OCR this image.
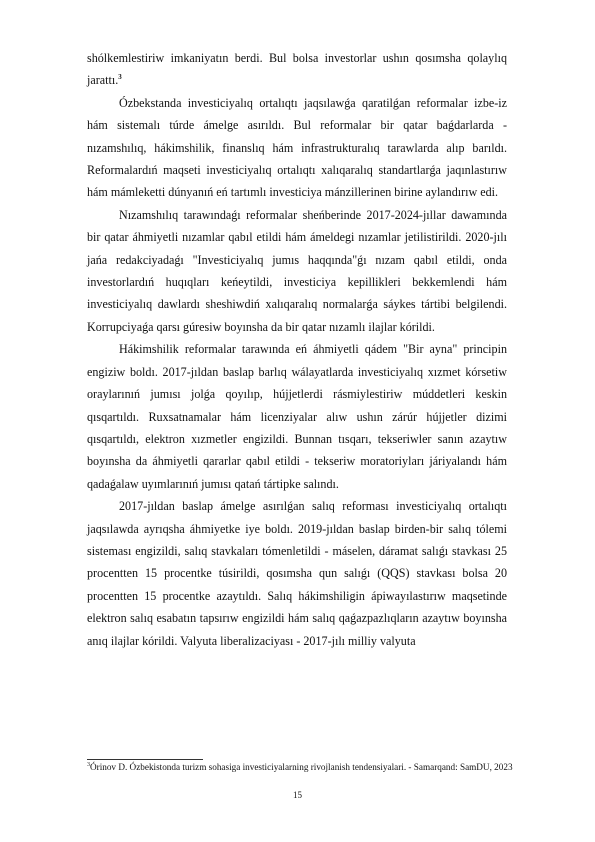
shólkemlestiriw imkaniyatın berdi. Bul bolsa investorlar ushın qosımsha qolaylıq jarattı.$^3$

Ózbekstanda investiciyalıq ortalıqtı jaqsılawǵa qaratilǵan reformalar izbe-iz hám sistemalı túrde ámelge asırıldı. Bul reformalar bir qatar baǵdarlarda - nızamshılıq, hákimshilik, finanslıq hám infrastrukturalıq tarawlarda alıp barıldı. Reformalardıń maqseti investiciyalıq ortalıqtı xalıqaralıq standartlarǵa jaqınlastırıw hám mámleketti dúnyanıń eń tartımlı investiciya mánzillerinen birine aylandırıw edi.

Nızamshılıq tarawındaǵı reformalar sheńberinde 2017-2024-jıllar dawamında bir qatar áhmiyetli nızamlar qabıl etildi hám ámeldegi nızamlar jetilistirildi. 2020-jılı jańa redakciyadaǵı "Investiciyalıq jumıs haqqında"ǵı nızam qabıl etildi, onda investorlardıń huqıqları keńeytildi, investiciya kepillikleri bekkemlendi hám investiciyalıq dawlardı sheshiwdiń xalıqaralıq normalarǵa sáykes tártibi belgilendi. Korrupciyaǵa qarsı gúresiw boyınsha da bir qatar nızamlı ilajlar kórildi.

Hákimshilik reformalar tarawında eń áhmiyetli qádem "Bir ayna" principin engiziw boldı. 2017-jıldan baslap barlıq wálayatlarda investiciyalıq xızmet kórsetiw oraylarınıń jumısı jolǵa qoyılıp, hújjetlerdi rásmiylestiriw múddetleri keskin qısqartıldı. Ruxsatnamalar hám licenziyalar alıw ushın zárúr hújjetler dizimi qısqartıldı, elektron xızmetler engizildi. Bunnan tısqarı, tekseriwler sanın azaytıw boyınsha da áhmiyetli qararlar qabıl etildi - tekseriw moratoriyları járiyalandı hám qadaǵalaw uyımlarınıń jumısı qatań tártipke salındı.

2017-jıldan baslap ámelge asırılǵan salıq reforması investiciyalıq ortalıqtı jaqsılawda ayrıqsha áhmiyetke iye boldı. 2019-jıldan baslap birden-bir salıq tólemi sisteması engizildi, salıq stavkaları tómenletildi - máselen, dáramat salıǵı stavkası 25 procentten 15 procentke túsirildi, qosımsha qun salıǵı (QQS) stavkası bolsa 20 procentten 15 procentke azaytıldı. Salıq hákimshiligin ápiwayılastırıw maqsetinde elektron salıq esabatın tapsırıw engizildi hám salıq qaǵazpazlıqların azaytıw boyınsha anıq ilajlar kórildi. Valyuta liberalizaciyası - 2017-jılı milliy valyuta

$^3$Órinov D. Ózbekistonda turizm sohasiga investiciyalarning rivojlanish tendensiyalari. - Samarqand: SamDU, 2023

15
